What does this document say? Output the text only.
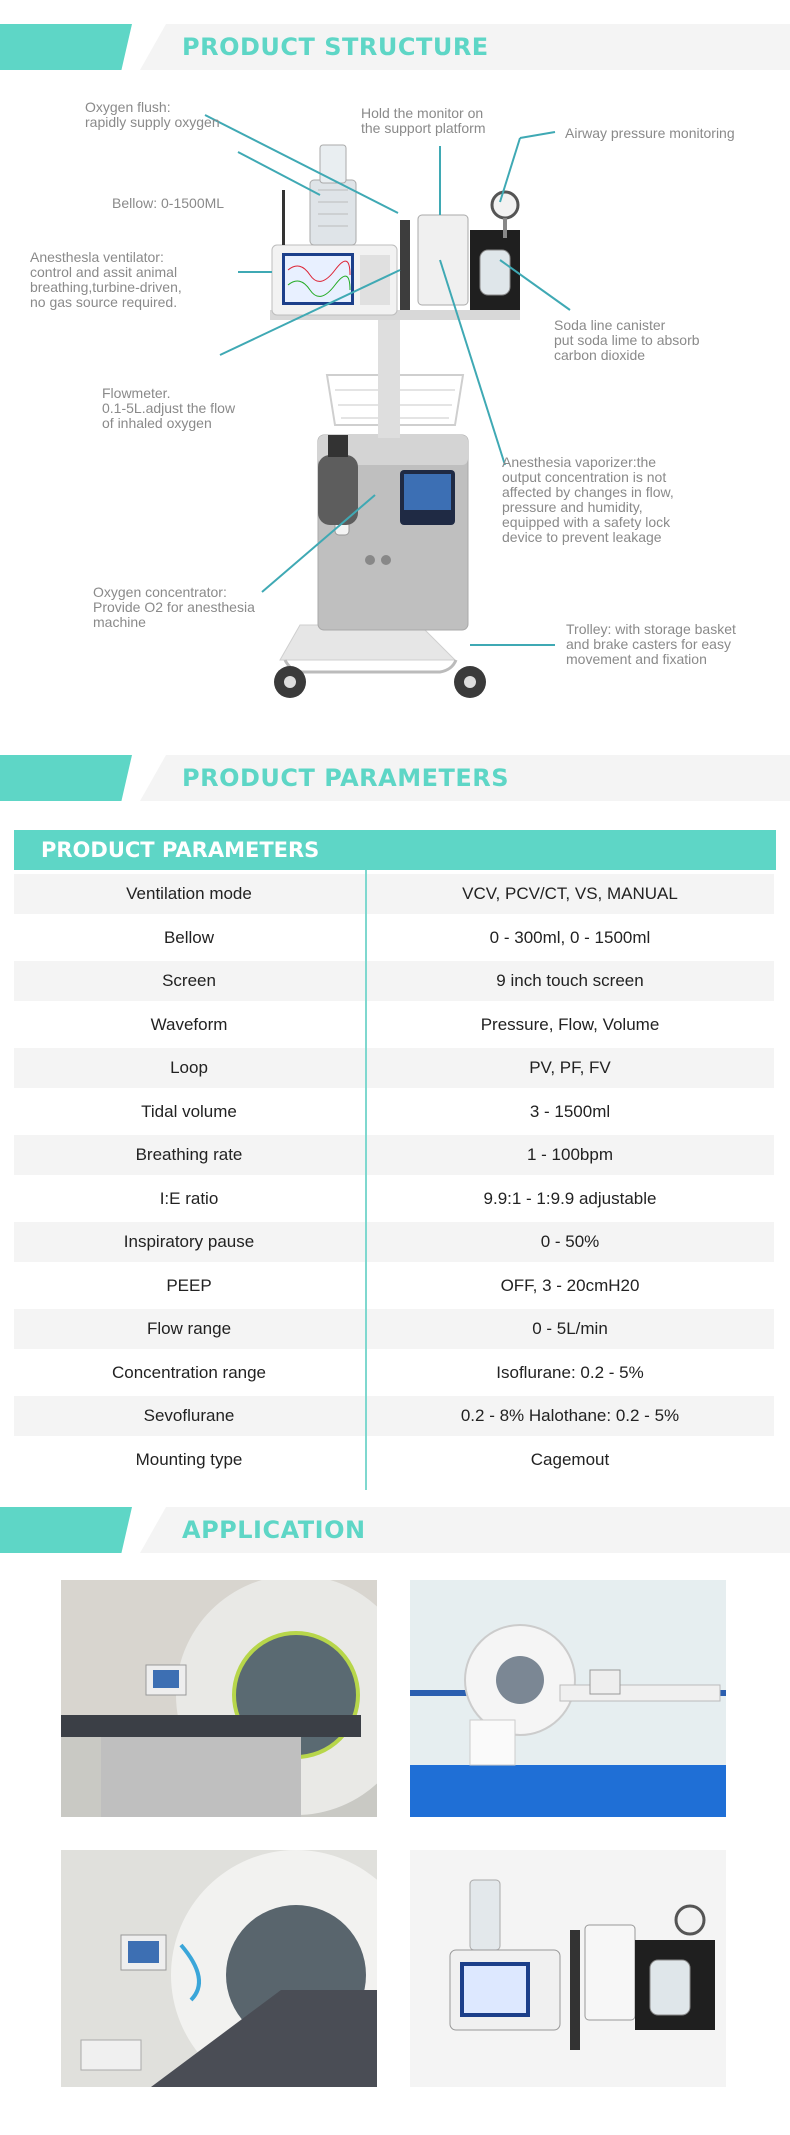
PRODUCT STRUCTURE
Oxygen flush:
rapidly supply oxygen
Bellow: 0-1500ML
Anesthesla ventilator:
control and assit animal
breathing,turbine-driven,
no gas source required.
Flowmeter.
0.1-5L.adjust the flow
of inhaled oxygen
Oxygen concentrator:
Provide O2 for anesthesia
machine
Hold the monitor on
the support platform	Airway pressure monitoring
Soda line canister
put soda lime to absorb
carbon dioxide
Anesthesia vaporizer:the
output concentration is not
affected by changes in flow,
pressure and humidity,
equipped with a safety lock
device to prevent leakage
Trolley: with storage basket
and brake casters for easy
movement and fixation
PRODUCT PARAMETERS
PRODUCT PARAMETERS
Ventilation mode	VCV, PCV/CT, VS, MANUAL
Bellow	0 - 300ml, 0 - 1500ml
Screen	9 inch touch screen
Waveform	Pressure, Flow, Volume
Loop	PV, PF, FV
Tidal volume	3 - 1500ml
Breathing rate	1 - 100bpm
I:E ratio	9.9:1 - 1:9.9 adjustable
Inspiratory pause	0 - 50%
PEEP	OFF, 3 - 20cmH20
Flow range	0 - 5L/min
Concentration range	Isoflurane: 0.2 - 5%
Sevoflurane	0.2 - 8% Halothane: 0.2 - 5%
Mounting type	Cagemout
APPLICATION
